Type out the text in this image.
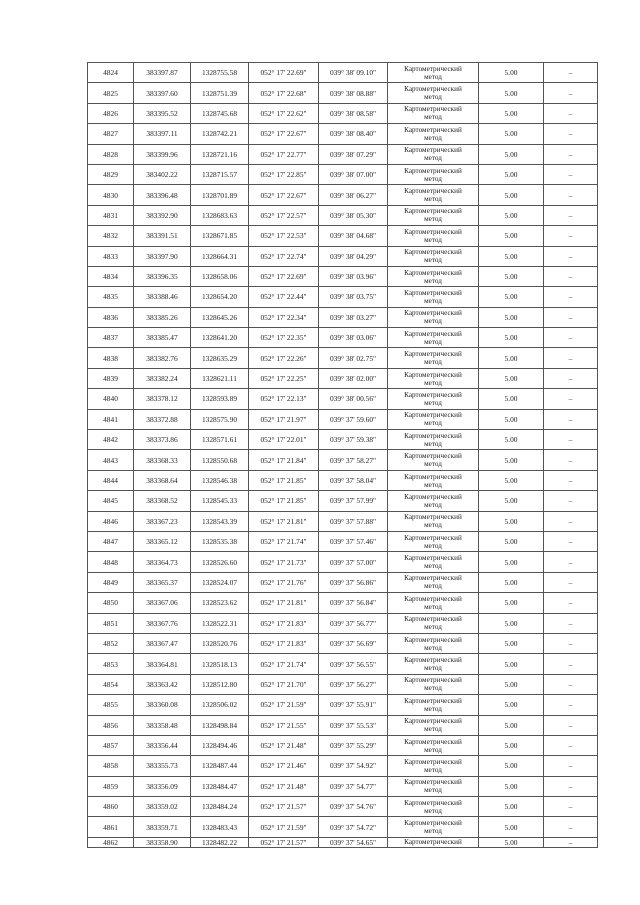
4824	383397.87	1328755.58	052° 17' 22.69"	039° 38' 09.10"	Картометрический
метод	5.00	–
4825	383397.60	1328751.39	052° 17' 22.68"	039° 38' 08.88"	Картометрический
метод	5.00	–
4826	383395.52	1328745.68	052° 17' 22.62"	039° 38' 08.58"	Картометрический
метод	5.00	–
4827	383397.11	1328742.21	052° 17' 22.67"	039° 38' 08.40"	Картометрический
метод	5.00	–
4828	383399.96	1328721.16	052° 17' 22.77"	039° 38' 07.29"	Картометрический
метод	5.00	–
4829	383402.22	1328715.57	052° 17' 22.85"	039° 38' 07.00"	Картометрический
метод	5.00	–
4830	383396.48	1328701.89	052° 17' 22.67"	039° 38' 06.27"	Картометрический
метод	5.00	–
4831	383392.90	1328683.63	052° 17' 22.57"	039° 38' 05.30"	Картометрический
метод	5.00	–
4832	383391.51	1328671.85	052° 17' 22.53"	039° 38' 04.68"	Картометрический
метод	5.00	–
4833	383397.90	1328664.31	052° 17' 22.74"	039° 38' 04.29"	Картометрический
метод	5.00	–
4834	383396.35	1328658.06	052° 17' 22.69"	039° 38' 03.96"	Картометрический
метод	5.00	–
4835	383388.46	1328654.20	052° 17' 22.44"	039° 38' 03.75"	Картометрический
метод	5.00	–
4836	383385.26	1328645.26	052° 17' 22.34"	039° 38' 03.27"	Картометрический
метод	5.00	–
4837	383385.47	1328641.20	052° 17' 22.35"	039° 38' 03.06"	Картометрический
метод	5.00	–
4838	383382.76	1328635.29	052° 17' 22.26"	039° 38' 02.75"	Картометрический
метод	5.00	–
4839	383382.24	1328621.11	052° 17' 22.25"	039° 38' 02.00"	Картометрический
метод	5.00	–
4840	383378.12	1328593.89	052° 17' 22.13"	039° 38' 00.56"	Картометрический
метод	5.00	–
4841	383372.88	1328575.90	052° 17' 21.97"	039° 37' 59.60"	Картометрический
метод	5.00	–
4842	383373.86	1328571.61	052° 17' 22.01"	039° 37' 59.38"	Картометрический
метод	5.00	–
4843	383368.33	1328550.68	052° 17' 21.84"	039° 37' 58.27"	Картометрический
метод	5.00	–
4844	383368.64	1328546.38	052° 17' 21.85"	039° 37' 58.04"	Картометрический
метод	5.00	–
4845	383368.52	1328545.33	052° 17' 21.85"	039° 37' 57.99"	Картометрический
метод	5.00	–
4846	383367.23	1328543.39	052° 17' 21.81"	039° 37' 57.88"	Картометрический
метод	5.00	–
4847	383365.12	1328535.38	052° 17' 21.74"	039° 37' 57.46"	Картометрический
метод	5.00	–
4848	383364.73	1328526.60	052° 17' 21.73"	039° 37' 57.00"	Картометрический
метод	5.00	–
4849	383365.37	1328524.07	052° 17' 21.76"	039° 37' 56.86"	Картометрический
метод	5.00	–
4850	383367.06	1328523.62	052° 17' 21.81"	039° 37' 56.84"	Картометрический
метод	5.00	–
4851	383367.76	1328522.31	052° 17' 21.83"	039° 37' 56.77"	Картометрический
метод	5.00	–
4852	383367.47	1328520.76	052° 17' 21.83"	039° 37' 56.69"	Картометрический
метод	5.00	–
4853	383364.81	1328518.13	052° 17' 21.74"	039° 37' 56.55"	Картометрический
метод	5.00	–
4854	383363.42	1328512.80	052° 17' 21.70"	039° 37' 56.27"	Картометрический
метод	5.00	–
4855	383360.08	1328506.02	052° 17' 21.59"	039° 37' 55.91"	Картометрический
метод	5.00	–
4856	383358.48	1328498.84	052° 17' 21.55"	039° 37' 55.53"	Картометрический
метод	5.00	–
4857	383356.44	1328494.46	052° 17' 21.48"	039° 37' 55.29"	Картометрический
метод	5.00	–
4858	383355.73	1328487.44	052° 17' 21.46"	039° 37' 54.92"	Картометрический
метод	5.00	–
4859	383356.09	1328484.47	052° 17' 21.48"	039° 37' 54.77"	Картометрический
метод	5.00	–
4860	383359.02	1328484.24	052° 17' 21.57"	039° 37' 54.76"	Картометрический
метод	5.00	–
4861	383359.71	1328483.43	052° 17' 21.59"	039° 37' 54.72"	Картометрический
метод	5.00	–
4862	383358.90	1328482.22	052° 17' 21.57"	039° 37' 54.65"	Картометрический	5.00	–
